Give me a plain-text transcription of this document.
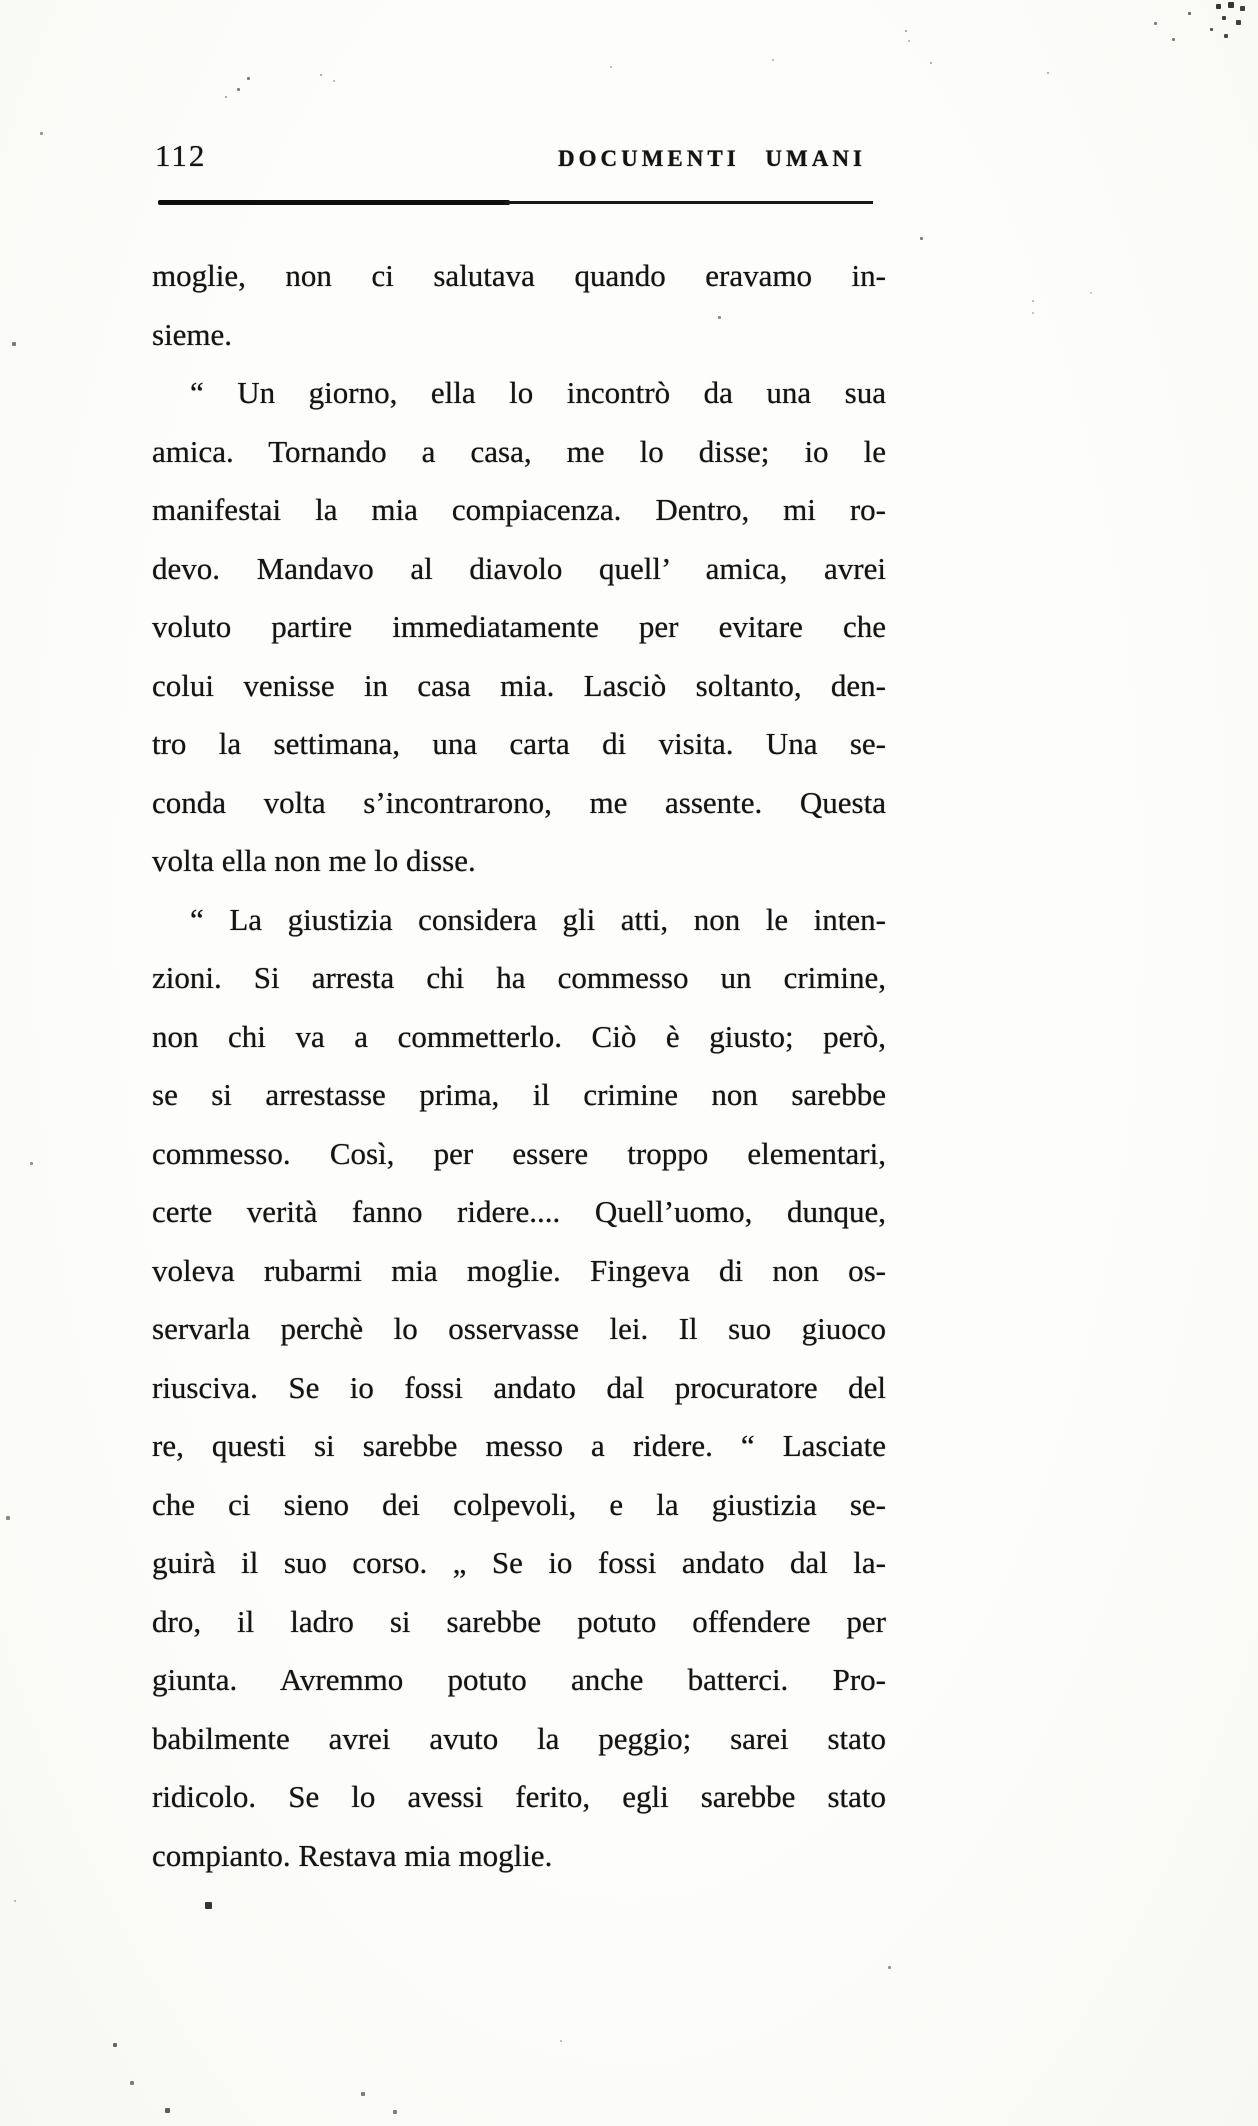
112	DOCUMENTI UMANI
moglie, non ci salutava quando eravamo in-
sieme.
“ Un giorno, ella lo incontrò da una sua
amica. Tornando a casa, me lo disse; io le
manifestai la mia compiacenza. Dentro, mi ro-
devo. Mandavo al diavolo quell’ amica, avrei
voluto partire immediatamente per evitare che
colui venisse in casa mia. Lasciò soltanto, den-
tro la settimana, una carta di visita. Una se-
conda volta s’incontrarono, me assente. Questa
volta ella non me lo disse.
“ La giustizia considera gli atti, non le inten-
zioni. Si arresta chi ha commesso un crimine,
non chi va a commetterlo. Ciò è giusto; però,
se si arrestasse prima, il crimine non sarebbe
commesso. Così, per essere troppo elementari,
certe verità fanno ridere.... Quell’uomo, dunque,
voleva rubarmi mia moglie. Fingeva di non os-
servarla perchè lo osservasse lei. Il suo giuoco
riusciva. Se io fossi andato dal procuratore del
re, questi si sarebbe messo a ridere. “ Lasciate
che ci sieno dei colpevoli, e la giustizia se-
guirà il suo corso. „ Se io fossi andato dal la-
dro, il ladro si sarebbe potuto offendere per
giunta. Avremmo potuto anche batterci. Pro-
babilmente avrei avuto la peggio; sarei stato
ridicolo. Se lo avessi ferito, egli sarebbe stato
compianto. Restava mia moglie.
